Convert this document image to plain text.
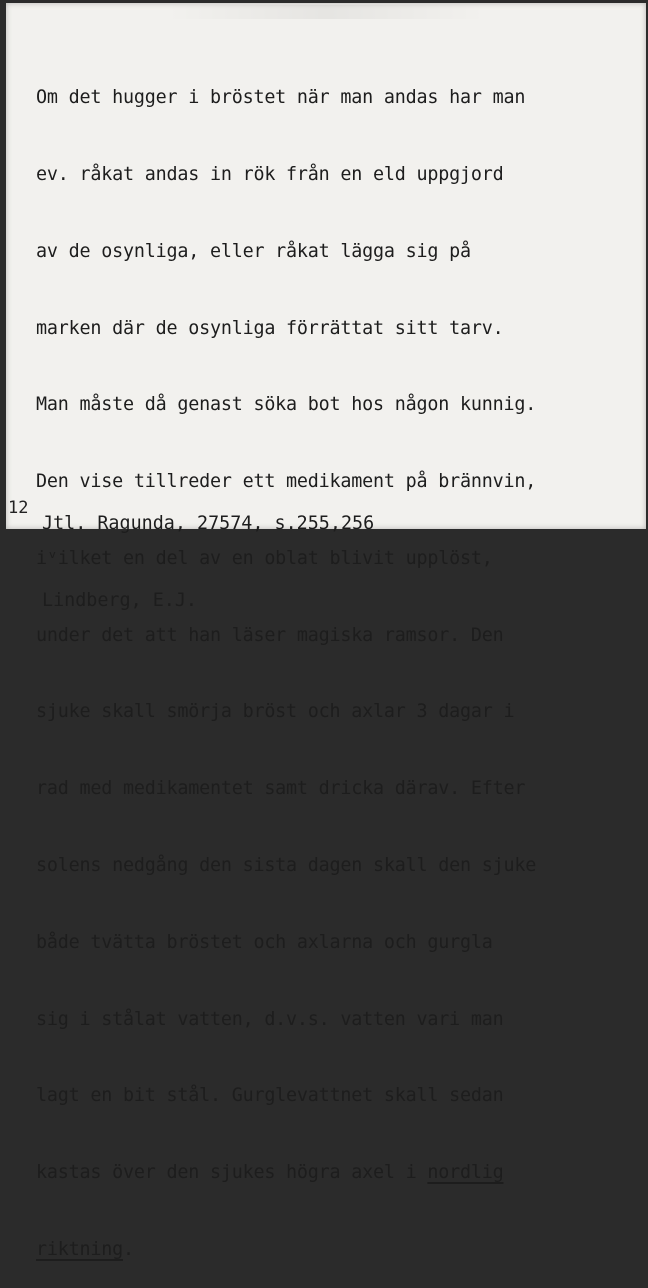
Om det hugger i bröstet när man andas har man

ev. råkat andas in rök från en eld uppgjord

av de osynliga, eller råkat lägga sig på

marken där de osynliga förrättat sitt tarv.

Man måste då genast söka bot hos någon kunnig.

Den vise tillreder ett medikament på brännvin,

iᵛilket en del av en oblat blivit upplöst,

under det att han läser magiska ramsor. Den

sjuke skall smörja bröst och axlar 3 dagar i

rad med medikamentet samt dricka därav. Efter

solens nedgång den sista dagen skall den sjuke

både tvätta bröstet och axlarna och gurgla

sig i stålat vatten, d.v.s. vatten vari man

lagt en bit stål. Gurglevattnet skall sedan

kastas över den sjukes högra axel i nordlig

riktning.

Jtl. Ragunda, 27574, s.255,256

Lindberg, E.J.

12
